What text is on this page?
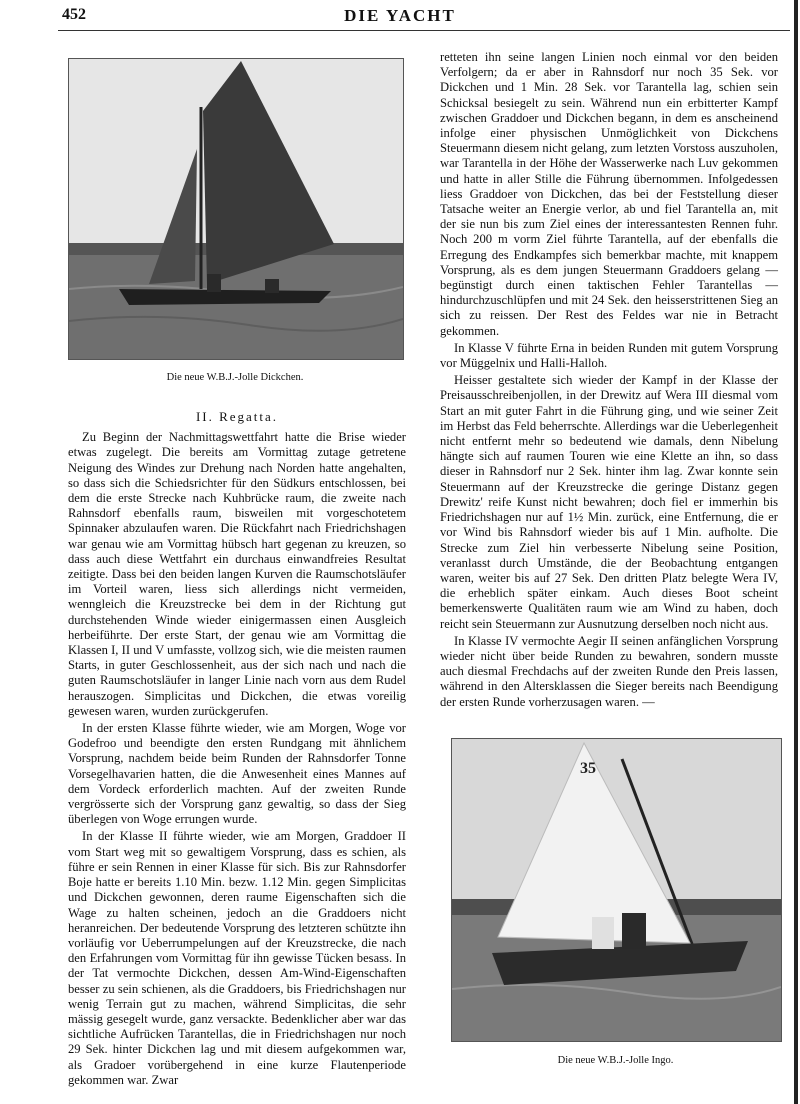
452	DIE YACHT
Die neue W.B.J.-Jolle Dickchen.
II. Regatta.

Zu Beginn der Nachmittagswettfahrt hatte die Brise wieder etwas zugelegt. Die bereits am Vormittag zutage getretene Neigung des Windes zur Drehung nach Norden hatte angehalten, so dass sich die Schiedsrichter für den Südkurs entschlossen, bei dem die erste Strecke nach Kuhbrücke raum, die zweite nach Rahnsdorf ebenfalls raum, bisweilen mit vorgeschotetem Spinnaker abzulaufen waren. Die Rückfahrt nach Friedrichshagen war genau wie am Vormittag hübsch hart gegenan zu kreuzen, so dass auch diese Wettfahrt ein durchaus einwandfreies Resultat zeitigte. Dass bei den beiden langen Kurven die Raumschotsläufer im Vorteil waren, liess sich allerdings nicht vermeiden, wenngleich die Kreuzstrecke bei dem in der Richtung gut durchstehenden Winde wieder einigermassen einen Ausgleich herbeiführte. Der erste Start, der genau wie am Vormittag die Klassen I, II und V umfasste, vollzog sich, wie die meisten raumen Starts, in guter Geschlossenheit, aus der sich nach und nach die guten Raumschotsläufer in langer Linie nach vorn aus dem Rudel herauszogen. Simplicitas und Dickchen, die etwas voreilig gewesen waren, wurden zurückgerufen.

In der ersten Klasse führte wieder, wie am Morgen, Woge vor Godefroo und beendigte den ersten Rundgang mit ähnlichem Vorsprung, nachdem beide beim Runden der Rahnsdorfer Tonne Vorsegelhavarien hatten, die die Anwesenheit eines Mannes auf dem Vordeck erforderlich machten. Auf der zweiten Runde vergrösserte sich der Vorsprung ganz gewaltig, so dass der Sieg überlegen von Woge errungen wurde.

In der Klasse II führte wieder, wie am Morgen, Graddoer II vom Start weg mit so gewaltigem Vorsprung, dass es schien, als führe er sein Rennen in einer Klasse für sich. Bis zur Rahnsdorfer Boje hatte er bereits 1.10 Min. bezw. 1.12 Min. gegen Simplicitas und Dickchen gewonnen, deren raume Eigenschaften sich die Wage zu halten scheinen, jedoch an die Graddoers nicht heranreichen. Der bedeutende Vorsprung des letzteren schützte ihn vorläufig vor Ueberrumpelungen auf der Kreuzstrecke, die nach den Erfahrungen vom Vormittag für ihn gewisse Tücken besass. In der Tat vermochte Dickchen, dessen Am-Wind-Eigenschaften besser zu sein schienen, als die Graddoers, bis Friedrichshagen nur wenig Terrain gut zu machen, während Simplicitas, die sehr mässig gesegelt wurde, ganz versackte. Bedenklicher aber war das sichtliche Aufrücken Tarantellas, die in Friedrichshagen nur noch 29 Sek. hinter Dickchen lag und mit diesem aufgekommen war, als Gradoer vorübergehend in eine kurze Flautenperiode gekommen war. Zwar

retteten ihn seine langen Linien noch einmal vor den beiden Verfolgern; da er aber in Rahnsdorf nur noch 35 Sek. vor Dickchen und 1 Min. 28 Sek. vor Tarantella lag, schien sein Schicksal besiegelt zu sein. Während nun ein erbitterter Kampf zwischen Graddoer und Dickchen begann, in dem es anscheinend infolge einer physischen Unmöglichkeit von Dickchens Steuermann diesem nicht gelang, zum letzten Vorstoss auszuholen, war Tarantella in der Höhe der Wasserwerke nach Luv gekommen und hatte in aller Stille die Führung übernommen. Infolgedessen liess Graddoer von Dickchen, das bei der Feststellung dieser Tatsache weiter an Energie verlor, ab und fiel Tarantella an, mit der sie nun bis zum Ziel eines der interessantesten Rennen fuhr. Noch 200 m vorm Ziel führte Tarantella, auf der ebenfalls die Erregung des Endkampfes sich bemerkbar machte, mit knappem Vorsprung, als es dem jungen Steuermann Graddoers gelang — begünstigt durch einen taktischen Fehler Tarantellas — hindurchzuschlüpfen und mit 24 Sek. den heisserstrittenen Sieg an sich zu reissen. Der Rest des Feldes war nie in Betracht gekommen.

In Klasse V führte Erna in beiden Runden mit gutem Vorsprung vor Müggelnix und Halli-Halloh.

Heisser gestaltete sich wieder der Kampf in der Klasse der Preisausschreibenjollen, in der Drewitz auf Wera III diesmal vom Start an mit guter Fahrt in die Führung ging, und wie seiner Zeit im Herbst das Feld beherrschte. Allerdings war die Ueberlegenheit nicht entfernt mehr so bedeutend wie damals, denn Nibelung hängte sich auf raumen Touren wie eine Klette an ihn, so dass dieser in Rahnsdorf nur 2 Sek. hinter ihm lag. Zwar konnte sein Steuermann auf der Kreuzstrecke die geringe Distanz gegen Drewitz' reife Kunst nicht bewahren; doch fiel er immerhin bis Friedrichshagen nur auf 1½ Min. zurück, eine Entfernung, die er vor Wind bis Rahnsdorf wieder bis auf 1 Min. aufholte. Die Strecke zum Ziel hin verbesserte Nibelung seine Position, veranlasst durch Umstände, die der Beobachtung entgangen waren, weiter bis auf 27 Sek. Den dritten Platz belegte Wera IV, die erheblich später einkam. Auch dieses Boot scheint bemerkenswerte Qualitäten raum wie am Wind zu haben, doch reicht sein Steuermann zur Ausnutzung derselben noch nicht aus.

In Klasse IV vermochte Aegir II seinen anfänglichen Vorsprung wieder nicht über beide Runden zu bewahren, sondern musste auch diesmal Frechdachs auf der zweiten Runde den Preis lassen, während in den Altersklassen die Sieger bereits nach Beendigung der ersten Runde vorherzusagen waren. —

35
Die neue W.B.J.-Jolle Ingo.
